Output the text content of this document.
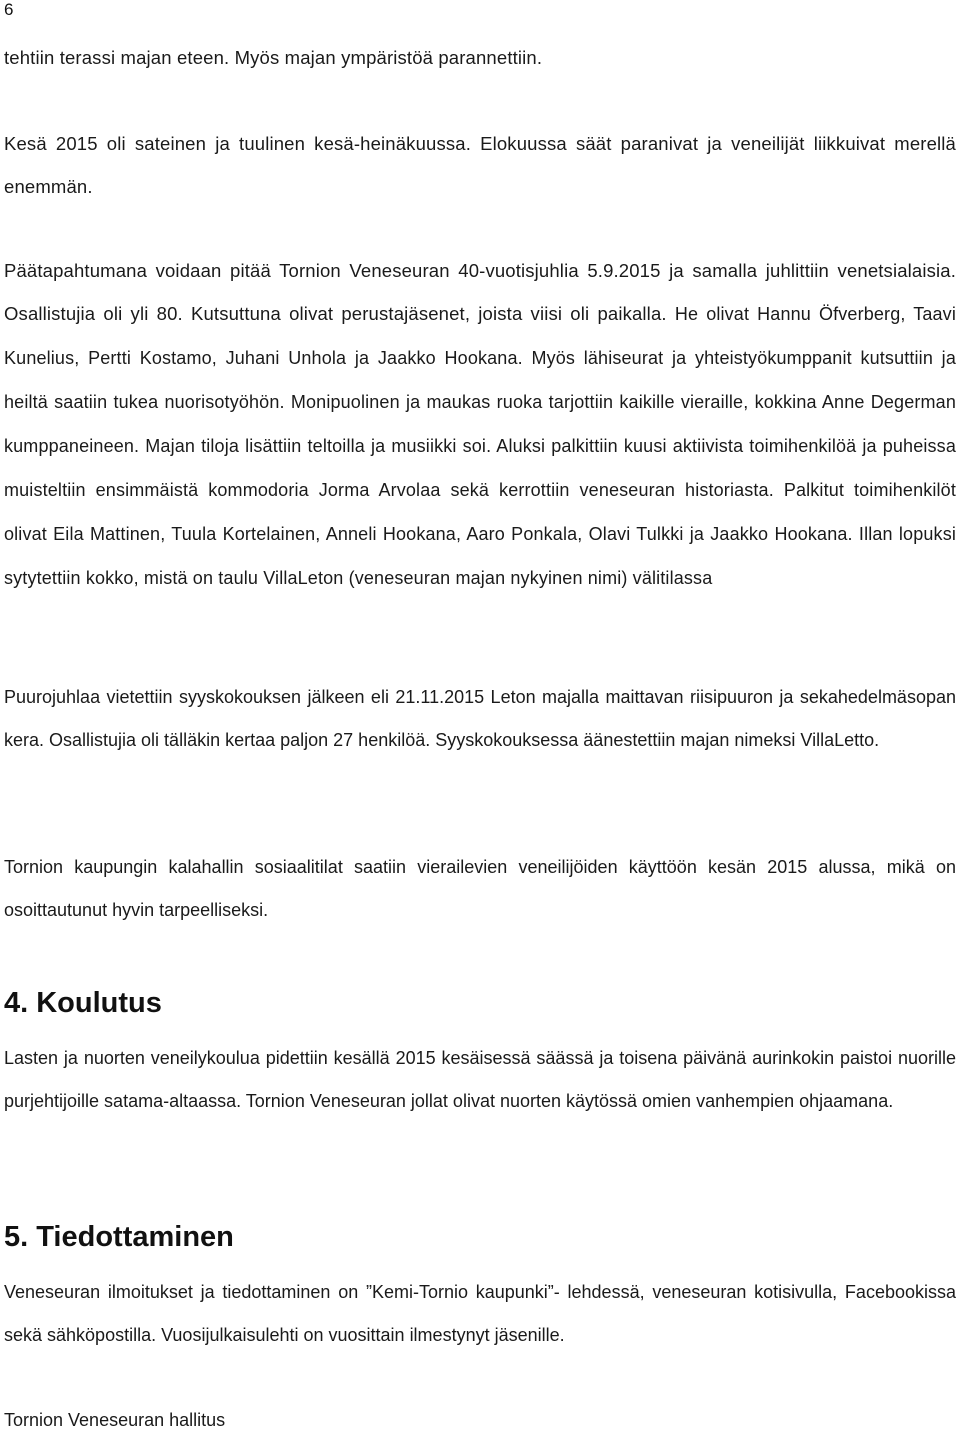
6

tehtiin terassi majan eteen. Myös majan ympäristöä parannettiin.

Kesä 2015 oli sateinen ja tuulinen kesä-heinäkuussa. Elokuussa säät paranivat ja veneilijät liikkuivat merellä enemmän.

Päätapahtumana voidaan pitää Tornion Veneseuran 40-vuotisjuhlia 5.9.2015 ja samalla juhlittiin venetsialaisia. Osallistujia oli yli 80. Kutsuttuna olivat perustajäsenet, joista viisi oli paikalla. He olivat Hannu Öfverberg, Taavi Kunelius, Pertti Kostamo, Juhani Unhola ja Jaakko Hookana. Myös lähiseurat ja yhteistyökumppanit kutsuttiin ja heiltä saatiin tukea nuorisotyöhön. Monipuolinen ja maukas ruoka tarjottiin kaikille vieraille, kokkina Anne Degerman kumppaneineen. Majan tiloja lisättiin teltoilla ja musiikki soi. Aluksi palkittiin kuusi aktiivista toimihenkilöä ja puheissa muisteltiin ensimmäistä kommodoria Jorma Arvolaa sekä kerrottiin veneseuran historiasta. Palkitut toimihenkilöt olivat Eila Mattinen, Tuula Kortelainen, Anneli Hookana, Aaro Ponkala, Olavi Tulkki ja Jaakko Hookana. Illan lopuksi sytytettiin kokko, mistä on taulu VillaLeton (veneseuran majan nykyinen nimi) välitilassa

Puurojuhlaa vietettiin syyskokouksen jälkeen eli 21.11.2015 Leton majalla maittavan riisipuuron ja sekahedelmäsopan kera. Osallistujia oli tälläkin kertaa paljon 27 henkilöä. Syyskokouksessa äänestettiin majan nimeksi VillaLetto.

Tornion kaupungin kalahallin sosiaalitilat saatiin vierailevien veneilijöiden käyttöön kesän 2015 alussa, mikä on osoittautunut hyvin tarpeelliseksi.

4. Koulutus

Lasten ja nuorten veneilykoulua pidettiin kesällä 2015 kesäisessä säässä ja toisena päivänä aurinkokin paistoi nuorille purjehtijoille satama-altaassa. Tornion Veneseuran jollat olivat nuorten käytössä omien vanhempien ohjaamana.

5. Tiedottaminen

Veneseuran ilmoitukset ja tiedottaminen on ”Kemi-Tornio kaupunki”- lehdessä, veneseuran kotisivulla, Facebookissa sekä sähköpostilla. Vuosijulkaisulehti on vuosittain ilmestynyt jäsenille.

Tornion Veneseuran hallitus
